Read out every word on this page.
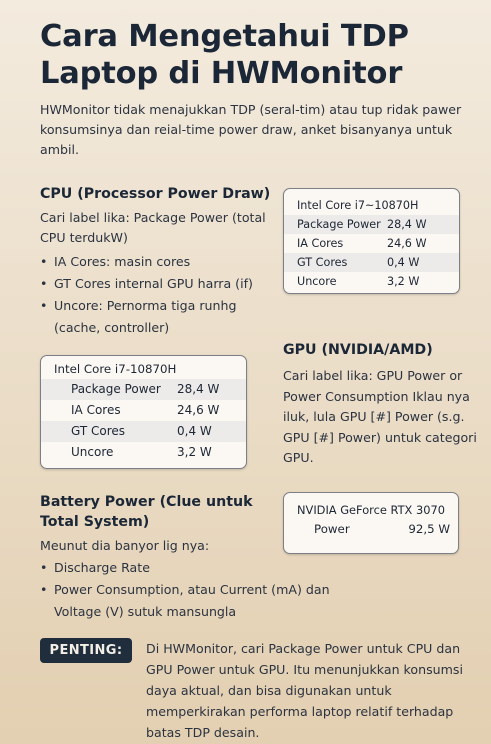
Cara Mengetahui TDP Laptop di HWMonitor
HWMonitor tidak menajukkan TDP (seral-tim) atau tup ridak pawer konsumsinya dan reial-time power draw, anket bisanyanya untuk ambil.
CPU (Processor Power Draw)
Cari label lika: Package Power (total CPU terdukW)
• IA Cores: masin cores
• GT Cores internal GPU harra (if)
• Uncore: Pernorma tiga runhg (cache, controller)
Intel Core i7~10870H
Package Power 28,4 W
IA Cores	24,6 W
GT Cores	0,4 W
Uncore	3,2 W
Intel Core i7-10870H
Package Power	28,4 W
IA Cores	24,6 W
GT Cores	0,4 W
Uncore	3,2 W
GPU (NVIDIA/AMD)
Cari label lika: GPU Power or Power Consumption Iklau nya iluk, lula GPU [#] Power (s.g. GPU [#] Power) untuk categori GPU.
NVIDIA GeForce RTX 3070
Power	92,5 W
Battery Power (Clue untuk Total System)
Meunut dia banyor lig nya:
• Discharge Rate
• Power Consumption, atau Current (mA) dan Voltage (V) sutuk mansungla
PENTING:	Di HWMonitor, cari Package Power untuk CPU dan GPU Power untuk GPU. Itu menunjukkan konsumsi daya aktual, dan bisa digunakan untuk memperkirakan performa laptop relatif terhadap batas TDP desain.
